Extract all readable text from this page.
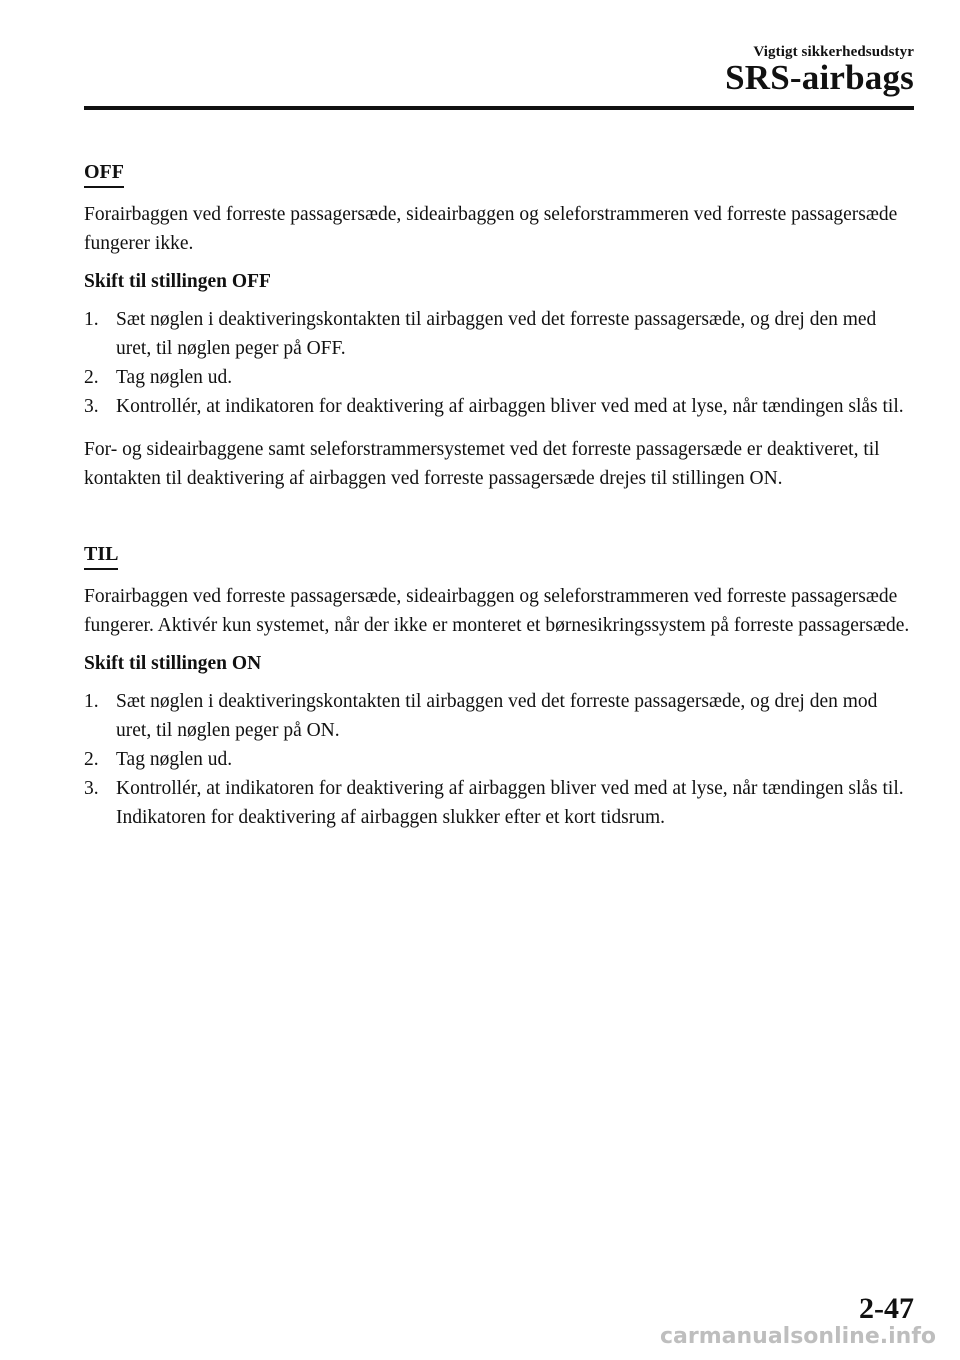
Vigtigt sikkerhedsudstyr
SRS-airbags
OFF

Forairbaggen ved forreste passagersæde, sideairbaggen og seleforstrammeren ved forreste passagersæde fungerer ikke.

Skift til stillingen OFF

1. Sæt nøglen i deaktiveringskontakten til airbaggen ved det forreste passagersæde, og drej den med uret, til nøglen peger på OFF.
2. Tag nøglen ud.
3. Kontrollér, at indikatoren for deaktivering af airbaggen bliver ved med at lyse, når tændingen slås til.

For- og sideairbaggene samt seleforstrammersystemet ved det forreste passagersæde er deaktiveret, til kontakten til deaktivering af airbaggen ved forreste passagersæde drejes til stillingen ON.

TIL

Forairbaggen ved forreste passagersæde, sideairbaggen og seleforstrammeren ved forreste passagersæde fungerer. Aktivér kun systemet, når der ikke er monteret et børnesikringssystem på forreste passagersæde.

Skift til stillingen ON

1. Sæt nøglen i deaktiveringskontakten til airbaggen ved det forreste passagersæde, og drej den mod uret, til nøglen peger på ON.
2. Tag nøglen ud.
3. Kontrollér, at indikatoren for deaktivering af airbaggen bliver ved med at lyse, når tændingen slås til. Indikatoren for deaktivering af airbaggen slukker efter et kort tidsrum.
2-47
carmanualsonline.info
